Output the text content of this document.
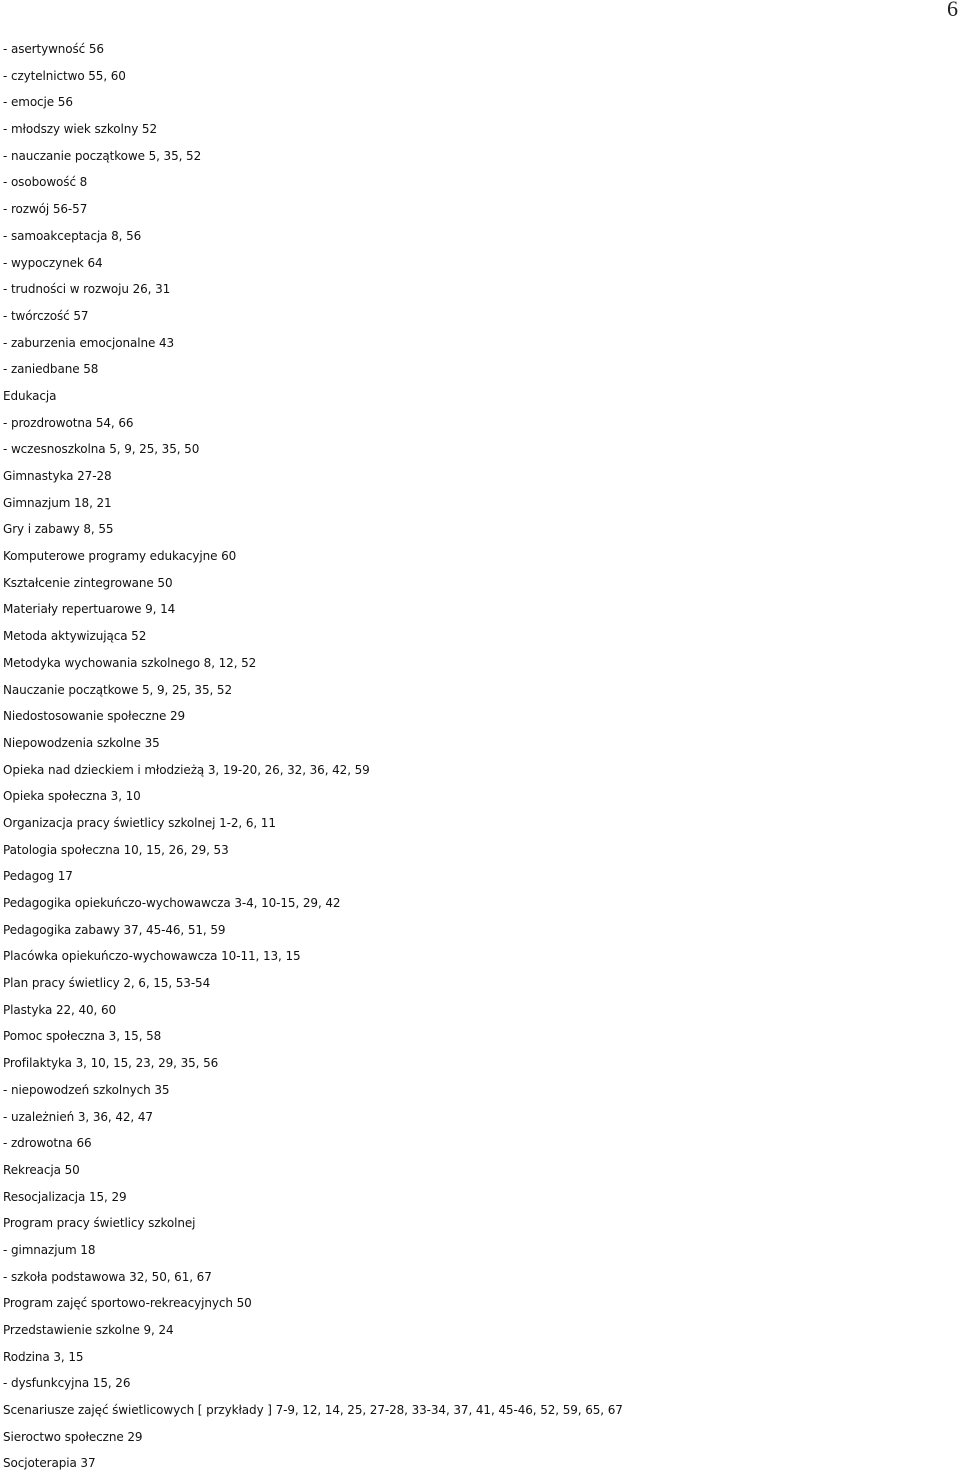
6
- asertywność 56
- czytelnictwo 55, 60
- emocje 56
- młodszy wiek szkolny 52
- nauczanie początkowe 5, 35, 52
- osobowość 8
- rozwój 56-57
- samoakceptacja 8, 56
- wypoczynek 64
- trudności w rozwoju 26, 31
- twórczość 57
- zaburzenia emocjonalne 43
- zaniedbane 58
Edukacja
- prozdrowotna 54, 66
- wczesnoszkolna 5, 9, 25, 35, 50
Gimnastyka 27-28
Gimnazjum 18, 21
Gry i zabawy 8, 55
Komputerowe programy edukacyjne 60
Kształcenie zintegrowane 50
Materiały repertuarowe 9, 14
Metoda aktywizująca 52
Metodyka wychowania szkolnego 8, 12, 52
Nauczanie początkowe 5, 9, 25, 35, 52
Niedostosowanie społeczne 29
Niepowodzenia szkolne 35
Opieka nad dzieckiem i młodzieżą 3, 19-20, 26, 32, 36, 42, 59
Opieka społeczna 3, 10
Organizacja pracy świetlicy szkolnej 1-2, 6, 11
Patologia społeczna 10, 15, 26, 29, 53
Pedagog 17
Pedagogika opiekuńczo-wychowawcza 3-4, 10-15, 29, 42
Pedagogika zabawy 37, 45-46, 51, 59
Placówka opiekuńczo-wychowawcza 10-11, 13, 15
Plan pracy świetlicy 2, 6, 15, 53-54
Plastyka 22, 40, 60
Pomoc społeczna 3, 15, 58
Profilaktyka 3, 10, 15, 23, 29, 35, 56
- niepowodzeń szkolnych 35
- uzależnień 3, 36, 42, 47
- zdrowotna 66
Rekreacja 50
Resocjalizacja 15, 29
Program pracy świetlicy szkolnej
- gimnazjum 18
- szkoła podstawowa 32, 50, 61, 67
Program zajęć sportowo-rekreacyjnych 50
Przedstawienie szkolne 9, 24
Rodzina 3, 15
- dysfunkcyjna 15, 26
Scenariusze zajęć świetlicowych [ przykłady ] 7-9, 12, 14, 25, 27-28, 33-34, 37, 41, 45-46, 52, 59, 65, 67
Sieroctwo społeczne 29
Socjoterapia 37
